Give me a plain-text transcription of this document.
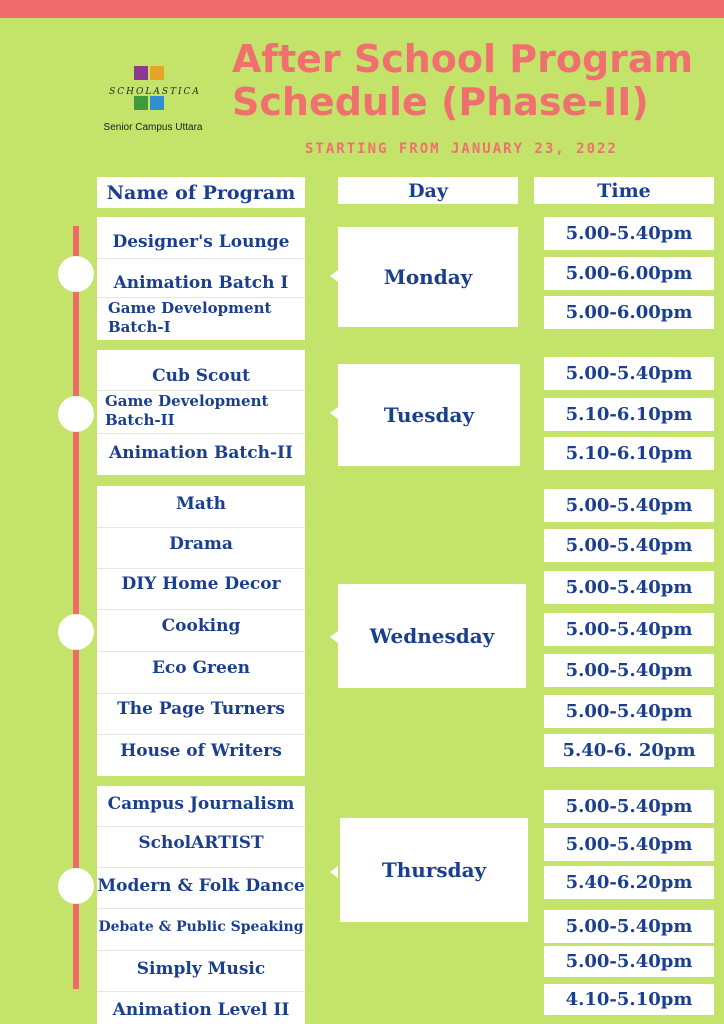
SCHOLASTICA
Senior Campus Uttara
After School Program
Schedule (Phase-II)
STARTING FROM JANUARY 23, 2022
Name of Program	Day	Time
Designer's Lounge
Animation Batch I
Game Development
Batch-I
Cub Scout
Game Development
Batch-II
Animation Batch-II
Math
Drama
DIY Home Decor
Cooking
Eco Green
The Page Turners
House of Writers
Campus Journalism
ScholARTIST
Modern & Folk Dance
Debate & Public Speaking
Simply Music
Animation Level II
Monday
Tuesday
Wednesday
Thursday
5.00-5.40pm
5.00-6.00pm
5.00-6.00pm
5.00-5.40pm
5.10-6.10pm
5.10-6.10pm
5.00-5.40pm
5.00-5.40pm
5.00-5.40pm
5.00-5.40pm
5.00-5.40pm
5.00-5.40pm
5.40-6. 20pm
5.00-5.40pm
5.00-5.40pm
5.40-6.20pm
5.00-5.40pm
5.00-5.40pm
4.10-5.10pm
